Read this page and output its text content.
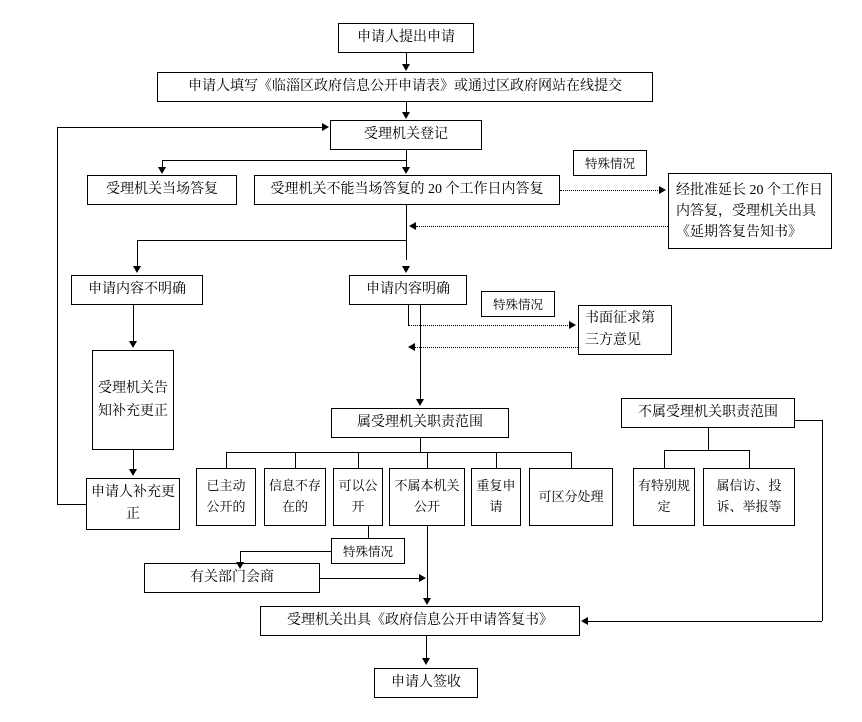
申请人提出申请
申请人填写《临淄区政府信息公开申请表》或通过区政府网站在线提交
受理机关登记
受理机关当场答复	受理机关不能当场答复的 20 个工作日内答复	经批准延长 20 个工作日内答复，受理机关出具《延期答复告知书》
申请内容不明确	申请内容明确
书面征求第三方意见
受理机关告知补充更正
申请人补充更正
属受理机关职责范围
不属受理机关职责范围
已主动公开的
信息不存在的
可以公开
不属本机关公开
重复申请
可区分处理
有特别规定
属信访、投诉、举报等
有关部门会商
受理机关出具《政府信息公开申请答复书》
申请人签收
特殊情况
特殊情况
特殊情况
